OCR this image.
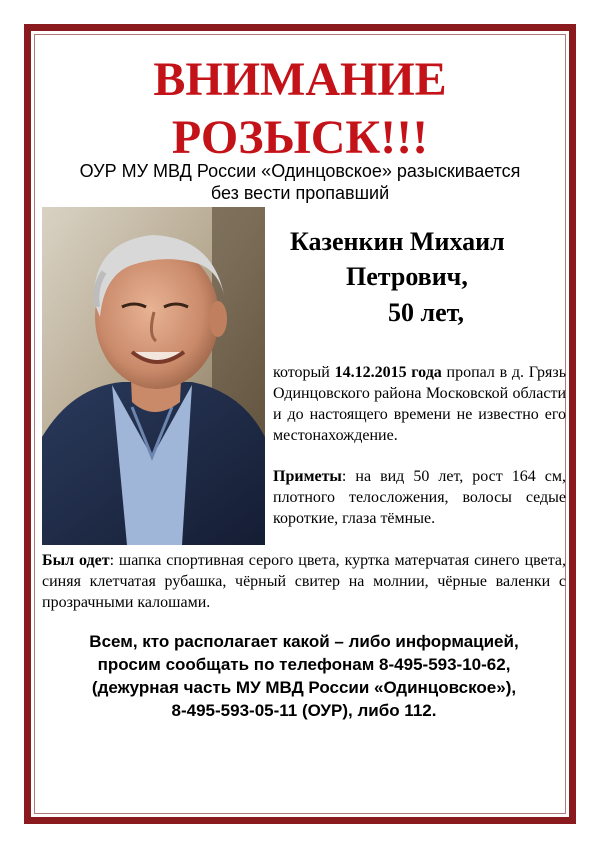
ВНИМАНИЕ
РОЗЫСК!!!
ОУР МУ МВД России «Одинцовское» разыскивается
без вести пропавший
Казенкин Михаил
Петрович,
50 лет,

который 14.12.2015 года пропал в д. Грязь Одинцовского района Московской области и до настоящего времени не известно его местонахождение.

Приметы: на вид 50 лет, рост 164 см, плотного телосложения, волосы седые короткие, глаза тёмные.

Был одет: шапка спортивная серого цвета, куртка матерчатая синего цвета, синяя клетчатая рубашка, чёрный свитер на молнии, чёрные валенки с прозрачными калошами.

Всем, кто располагает какой – либо информацией,
просим сообщать по телефонам 8-495-593-10-62,
(дежурная часть МУ МВД России «Одинцовское»),
8-495-593-05-11 (ОУР), либо 112.
